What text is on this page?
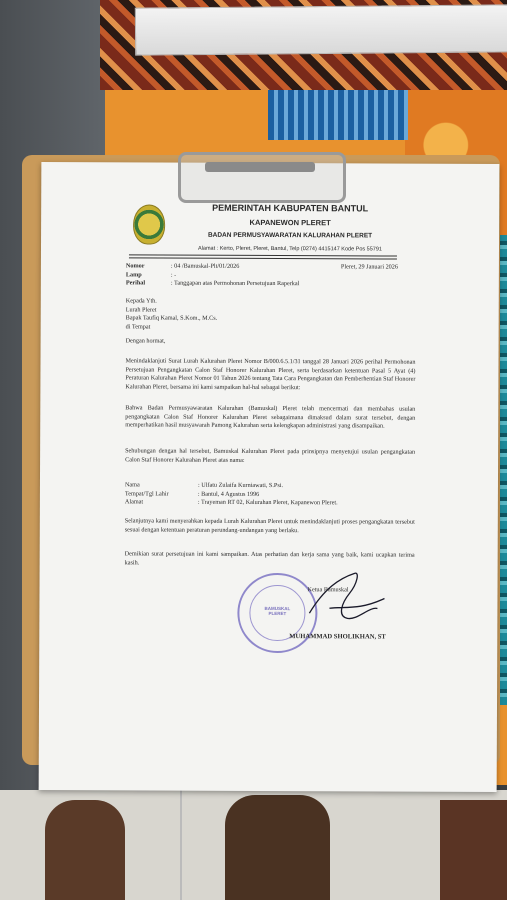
PEMERINTAH KABUPATEN BANTUL
KAPANEWON PLERET
BADAN PERMUSYAWARATAN KALURAHAN PLERET
Alamat : Kerto, Pleret, Pleret, Bantul, Telp (0274) 4415147 Kode Pos 55791
Nomor	: 04 /Bamuskal-Plt/01/2026	Pleret, 29 Januari 2026
Lamp	: -
Perihal	: Tanggapan atas Permohonan Persetujuan Raperkal
Kepada Yth.
Lurah Pleret
Bapak Taufiq Kamal, S.Kom., M.Cs.
di Tempat
Dengan hormat,
Menindaklanjuti Surat Lurah Kalurahan Pleret Nomor B/000.6.5.1/31 tanggal 28 Januari 2026 perihal Permohonan Persetujuan Pengangkatan Calon Staf Honorer Kalurahan Pleret, serta berdasarkan ketentuan Pasal 5 Ayat (4) Peraturan Kalurahan Pleret Nomor 01 Tahun 2026 tentang Tata Cara Pengangkatan dan Pemberhentian Staf Honorer Kalurahan Pleret, bersama ini kami sampaikan hal-hal sebagai berikut:
Bahwa Badan Permusyawaratan Kalurahan (Bamuskal) Pleret telah mencermati dan membahas usulan pengangkatan Calon Staf Honorer Kalurahan Pleret sebagaimana dimaksud dalam surat tersebut, dengan memperhatikan hasil musyawarah Pamong Kalurahan serta kelengkapan administrasi yang disampaikan.
Sehubungan dengan hal tersebut, Bamuskal Kalurahan Pleret pada prinsipnya menyetujui usulan pengangkatan Calon Staf Honorer Kalurahan Pleret atas nama:
Nama	: Ulfatu Zulaifa Kurniawati, S.Psi.
Tempat/Tgl Lahir	: Bantul, 4 Agustus 1996
Alamat	: Trayeman RT 02, Kalurahan Pleret, Kapanewon Pleret.
Selanjutnya kami menyerahkan kepada Lurah Kalurahan Pleret untuk menindaklanjuti proses pengangkatan tersebut sesuai dengan ketentuan peraturan perundang-undangan yang berlaku.
Demikian surat persetujuan ini kami sampaikan. Atas perhatian dan kerja sama yang baik, kami ucapkan terima kasih.
BAMUSKAL PLERET
Ketua Bamuskal
MUHAMMAD SHOLIKHAN, ST
